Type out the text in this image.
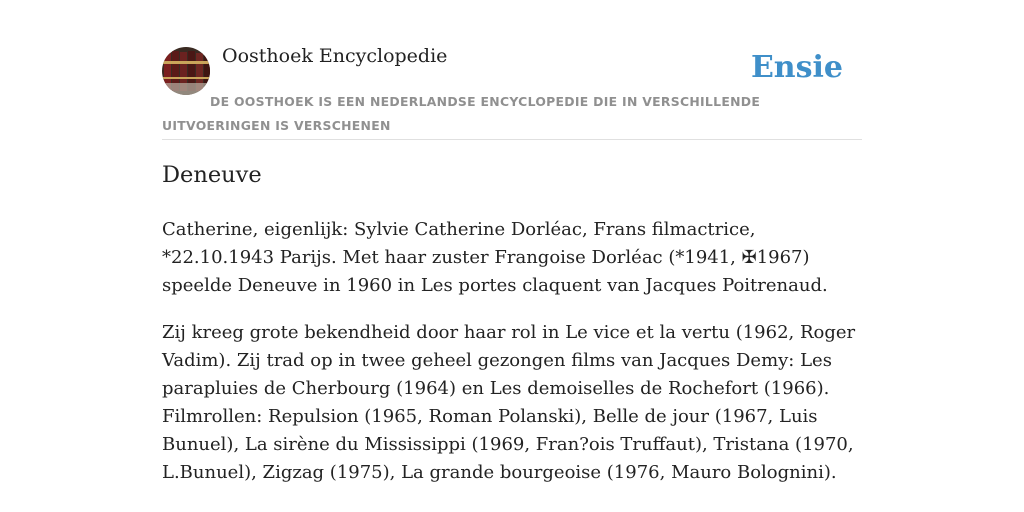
Oosthoek Encyclopedie	Ensie
DE OOSTHOEK IS EEN NEDERLANDSE ENCYCLOPEDIE DIE IN VERSCHILLENDE UITVOERINGEN IS VERSCHENEN
Deneuve

Catherine, eigenlijk: Sylvie Catherine Dorléac, Frans filmactrice, *22.10.1943 Parijs. Met haar zuster Frangoise Dorléac (*1941, ✠1967) speelde Deneuve in 1960 in Les portes claquent van Jacques Poitrenaud.

Zij kreeg grote bekendheid door haar rol in Le vice et la vertu (1962, Roger Vadim). Zij trad op in twee geheel gezongen films van Jacques Demy: Les parapluies de Cherbourg (1964) en Les demoiselles de Rochefort (1966). Filmrollen: Repulsion (1965, Roman Polanski), Belle de jour (1967, Luis Bunuel), La sirène du Mississippi (1969, Fran?ois Truffaut), Tristana (1970, L.Bunuel), Zigzag (1975), La grande bourgeoise (1976, Mauro Bolognini).
